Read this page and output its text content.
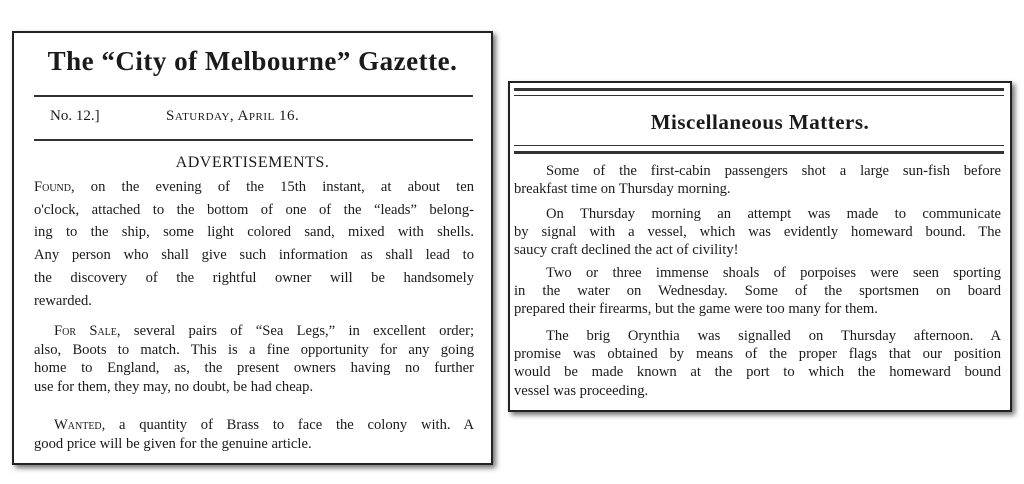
The “City of Melbourne” Gazette.
No. 12.]	Saturday, April 16.
ADVERTISEMENTS.
Found, on the evening of the 15th instant, at about ten
o'clock, attached to the bottom of one of the “leads” belong-
ing to the ship, some light colored sand, mixed with shells.
Any person who shall give such information as shall lead to
the discovery of the rightful owner will be handsomely
rewarded.
For Sale, several pairs of “Sea Legs,” in excellent order;
also, Boots to match. This is a fine opportunity for any going
home to England, as, the present owners having no further
use for them, they may, no doubt, be had cheap.
Wanted, a quantity of Brass to face the colony with. A
good price will be given for the genuine article.
Miscellaneous Matters.
Some of the first-cabin passengers shot a large sun-fish before
breakfast time on Thursday morning.
On Thursday morning an attempt was made to communicate
by signal with a vessel, which was evidently homeward bound. The
saucy craft declined the act of civility!
Two or three immense shoals of porpoises were seen sporting
in the water on Wednesday. Some of the sportsmen on board
prepared their firearms, but the game were too many for them.
The brig Orynthia was signalled on Thursday afternoon. A
promise was obtained by means of the proper flags that our position
would be made known at the port to which the homeward bound
vessel was proceeding.
